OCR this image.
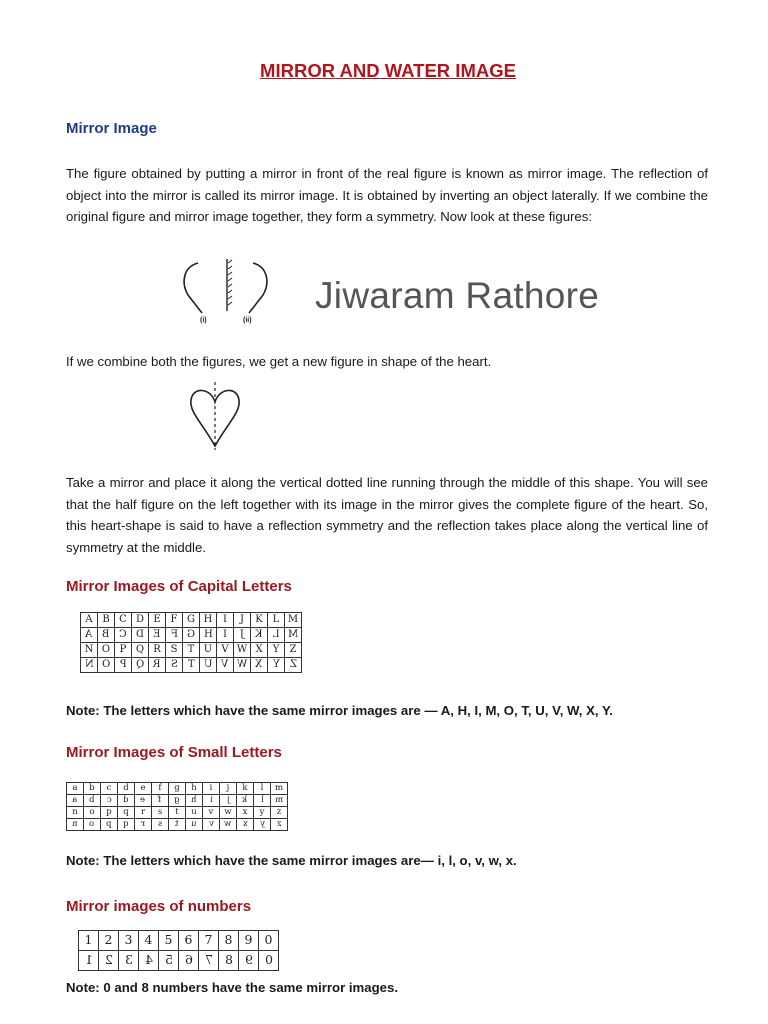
MIRROR AND WATER IMAGE
Mirror Image
The figure obtained by putting a mirror in front of the real figure is known as mirror image. The reflection of object into the mirror is called its mirror image. It is obtained by inverting an object laterally. If we combine the original figure and mirror image together, they form a symmetry. Now look at these figures:
(i)	(ii)
Jiwaram Rathore
If we combine both the figures, we get a new figure in shape of the heart.
Take a mirror and place it along the vertical dotted line running through the middle of this shape. You will see that the half figure on the left together with its image in the mirror gives the complete figure of the heart. So, this heart-shape is said to have a reflection symmetry and the reflection takes place along the vertical line of symmetry at the middle.
Mirror Images of Capital Letters
A	B	C	D	E	F	G	H	I	J	K	L	M
A	B	C	D	E	F	G	H	I	J	K	L	M
N	O	P	Q	R	S	T	U	V	W	X	Y	Z
N	O	P	Q	R	S	T	U	V	W	X	Y	Z
Note: The letters which have the same mirror images are — A, H, I, M, O, T, U, V, W, X, Y.
Mirror Images of Small Letters
a	b	c	d	e	f	g	h	i	j	k	l	m
a	b	c	d	e	f	g	h	i	j	k	l	m
n	o	p	q	r	s	t	u	v	w	x	y	z
n	o	p	q	r	s	t	u	v	w	x	y	z
Note: The letters which have the same mirror images are— i, l, o, v, w, x.
Mirror images of numbers
1	2	3	4	5	6	7	8	9	0
1	2	3	4	5	6	7	8	9	0
Note: 0 and 8 numbers have the same mirror images.
